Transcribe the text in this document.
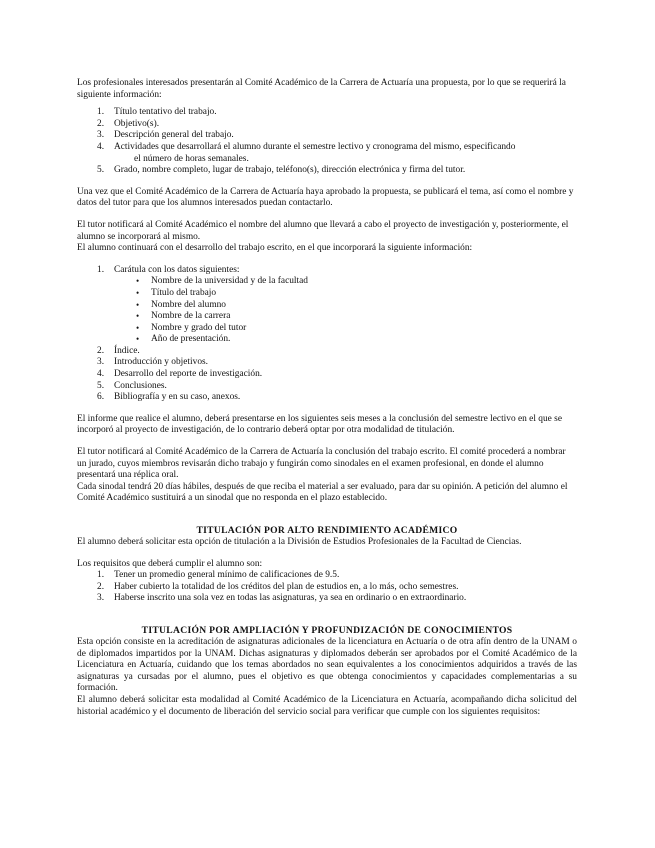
Los profesionales interesados presentarán al Comité Académico de la Carrera de Actuaría una propuesta, por lo que se requerirá la siguiente información:

1. Título tentativo del trabajo.
2. Objetivo(s).
3. Descripción general del trabajo.
4. Actividades que desarrollará el alumno durante el semestre lectivo y cronograma del mismo, especificando
el número de horas semanales.
5. Grado, nombre completo, lugar de trabajo, teléfono(s), dirección electrónica y firma del tutor.

Una vez que el Comité Académico de la Carrera de Actuaría haya aprobado la propuesta, se publicará el tema, así como el nombre y datos del tutor para que los alumnos interesados puedan contactarlo.

El tutor notificará al Comité Académico el nombre del alumno que llevará a cabo el proyecto de investigación y, posteriormente, el alumno se incorporará al mismo.

El alumno continuará con el desarrollo del trabajo escrito, en el que incorporará la siguiente información:

1. Carátula con los datos siguientes:
• Nombre de la universidad y de la facultad
• Título del trabajo
• Nombre del alumno
• Nombre de la carrera
• Nombre y grado del tutor
• Año de presentación.
2. Índice.
3. Introducción y objetivos.
4. Desarrollo del reporte de investigación.
5. Conclusiones.
6. Bibliografía y en su caso, anexos.

El informe que realice el alumno, deberá presentarse en los siguientes seis meses a la conclusión del semestre lectivo en el que se incorporó al proyecto de investigación, de lo contrario deberá optar por otra modalidad de titulación.

El tutor notificará al Comité Académico de la Carrera de Actuaría la conclusión del trabajo escrito. El comité procederá a nombrar un jurado, cuyos miembros revisarán dicho trabajo y fungirán como sinodales en el examen profesional, en donde el alumno presentará una réplica oral.

Cada sinodal tendrá 20 días hábiles, después de que reciba el material a ser evaluado, para dar su opinión. A petición del alumno el Comité Académico sustituirá a un sinodal que no responda en el plazo establecido.

TITULACIÓN POR ALTO RENDIMIENTO ACADÉMICO

El alumno deberá solicitar esta opción de titulación a la División de Estudios Profesionales de la Facultad de Ciencias.

Los requisitos que deberá cumplir el alumno son:

1. Tener un promedio general mínimo de calificaciones de 9.5.
2. Haber cubierto la totalidad de los créditos del plan de estudios en, a lo más, ocho semestres.
3. Haberse inscrito una sola vez en todas las asignaturas, ya sea en ordinario o en extraordinario.
TITULACIÓN POR AMPLIACIÓN Y PROFUNDIZACIÓN DE CONOCIMIENTOS

Esta opción consiste en la acreditación de asignaturas adicionales de la licenciatura en Actuaría o de otra afín dentro de la UNAM o de diplomados impartidos por la UNAM. Dichas asignaturas y diplomados deberán ser aprobados por el Comité Académico de la Licenciatura en Actuaría, cuidando que los temas abordados no sean equivalentes a los conocimientos adquiridos a través de las asignaturas ya cursadas por el alumno, pues el objetivo es que obtenga conocimientos y capacidades complementarias a su formación.

El alumno deberá solicitar esta modalidad al Comité Académico de la Licenciatura en Actuaría, acompañando dicha solicitud del historial académico y el documento de liberación del servicio social para verificar que cumple con los siguientes requisitos:
